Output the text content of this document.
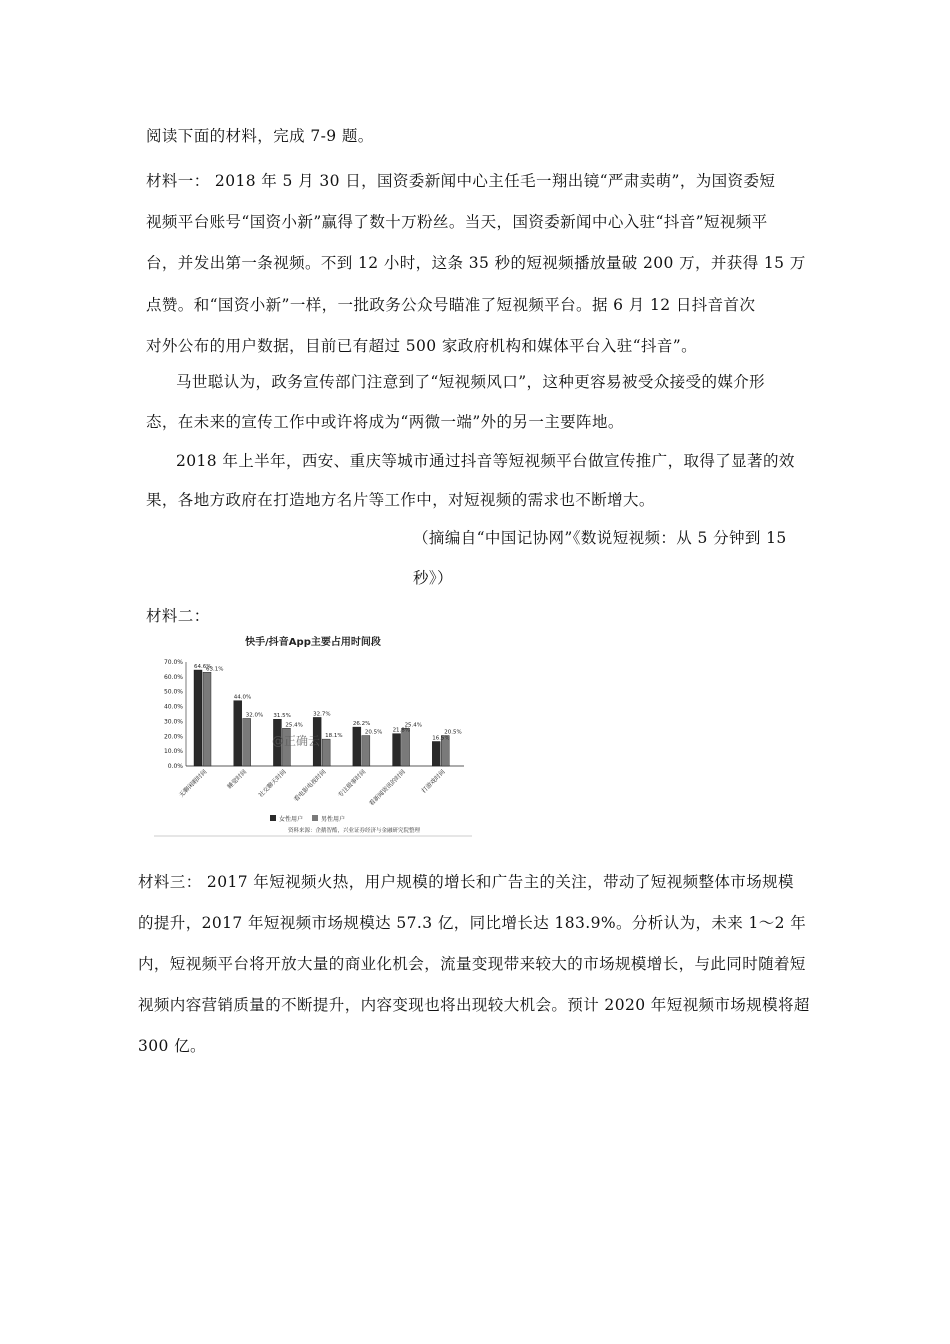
阅读下面的材料，完成 7-9 题。
材料一： 2018 年 5 月 30 日，国资委新闻中心主任毛一翔出镜“严肃卖萌”，为国资委短
视频平台账号“国资小新”赢得了数十万粉丝。当天，国资委新闻中心入驻“抖音”短视频平
台，并发出第一条视频。不到 12 小时，这条 35 秒的短视频播放量破 200 万，并获得 15 万
点赞。和“国资小新”一样，一批政务公众号瞄准了短视频平台。据 6 月 12 日抖音首次
对外公布的用户数据，目前已有超过 500 家政府机构和媒体平台入驻“抖音”。
马世聪认为，政务宣传部门注意到了“短视频风口”，这种更容易被受众接受的媒介形
态，在未来的宣传工作中或许将成为“两微一端”外的另一主要阵地。
2018 年上半年，西安、重庆等城市通过抖音等短视频平台做宣传推广，取得了显著的效
果，各地方政府在打造地方名片等工作中，对短视频的需求也不断增大。
（摘编自“中国记协网”《数说短视频：从 5 分钟到 15
秒》）
材料二：
快手/抖音App主要占用时间段
0.0%
10.0%
20.0%
30.0%
40.0%
50.0%
60.0%
70.0%
64.6%
63.1%
无聊闲暇时间
44.0%
32.0%
睡觉时间
31.5%
25.4%
社交聊天时间
32.7%
18.1%
看电影电视时间
26.2%
20.5%
专注做事时间
21.8%
25.4%
看新闻资讯的时间
16.5%
20.5%
打游戏时间
@正确云
女性用户	男性用户
资料来源：企鹅智酷，兴业证券经济与金融研究院整理
材料三： 2017 年短视频火热，用户规模的增长和广告主的关注，带动了短视频整体市场规模
的提升，2017 年短视频市场规模达 57.3 亿，同比增长达 183.9%。分析认为，未来 1～2 年
内，短视频平台将开放大量的商业化机会，流量变现带来较大的市场规模增长，与此同时随着短
视频内容营销质量的不断提升，内容变现也将出现较大机会。预计 2020 年短视频市场规模将超
300 亿。
